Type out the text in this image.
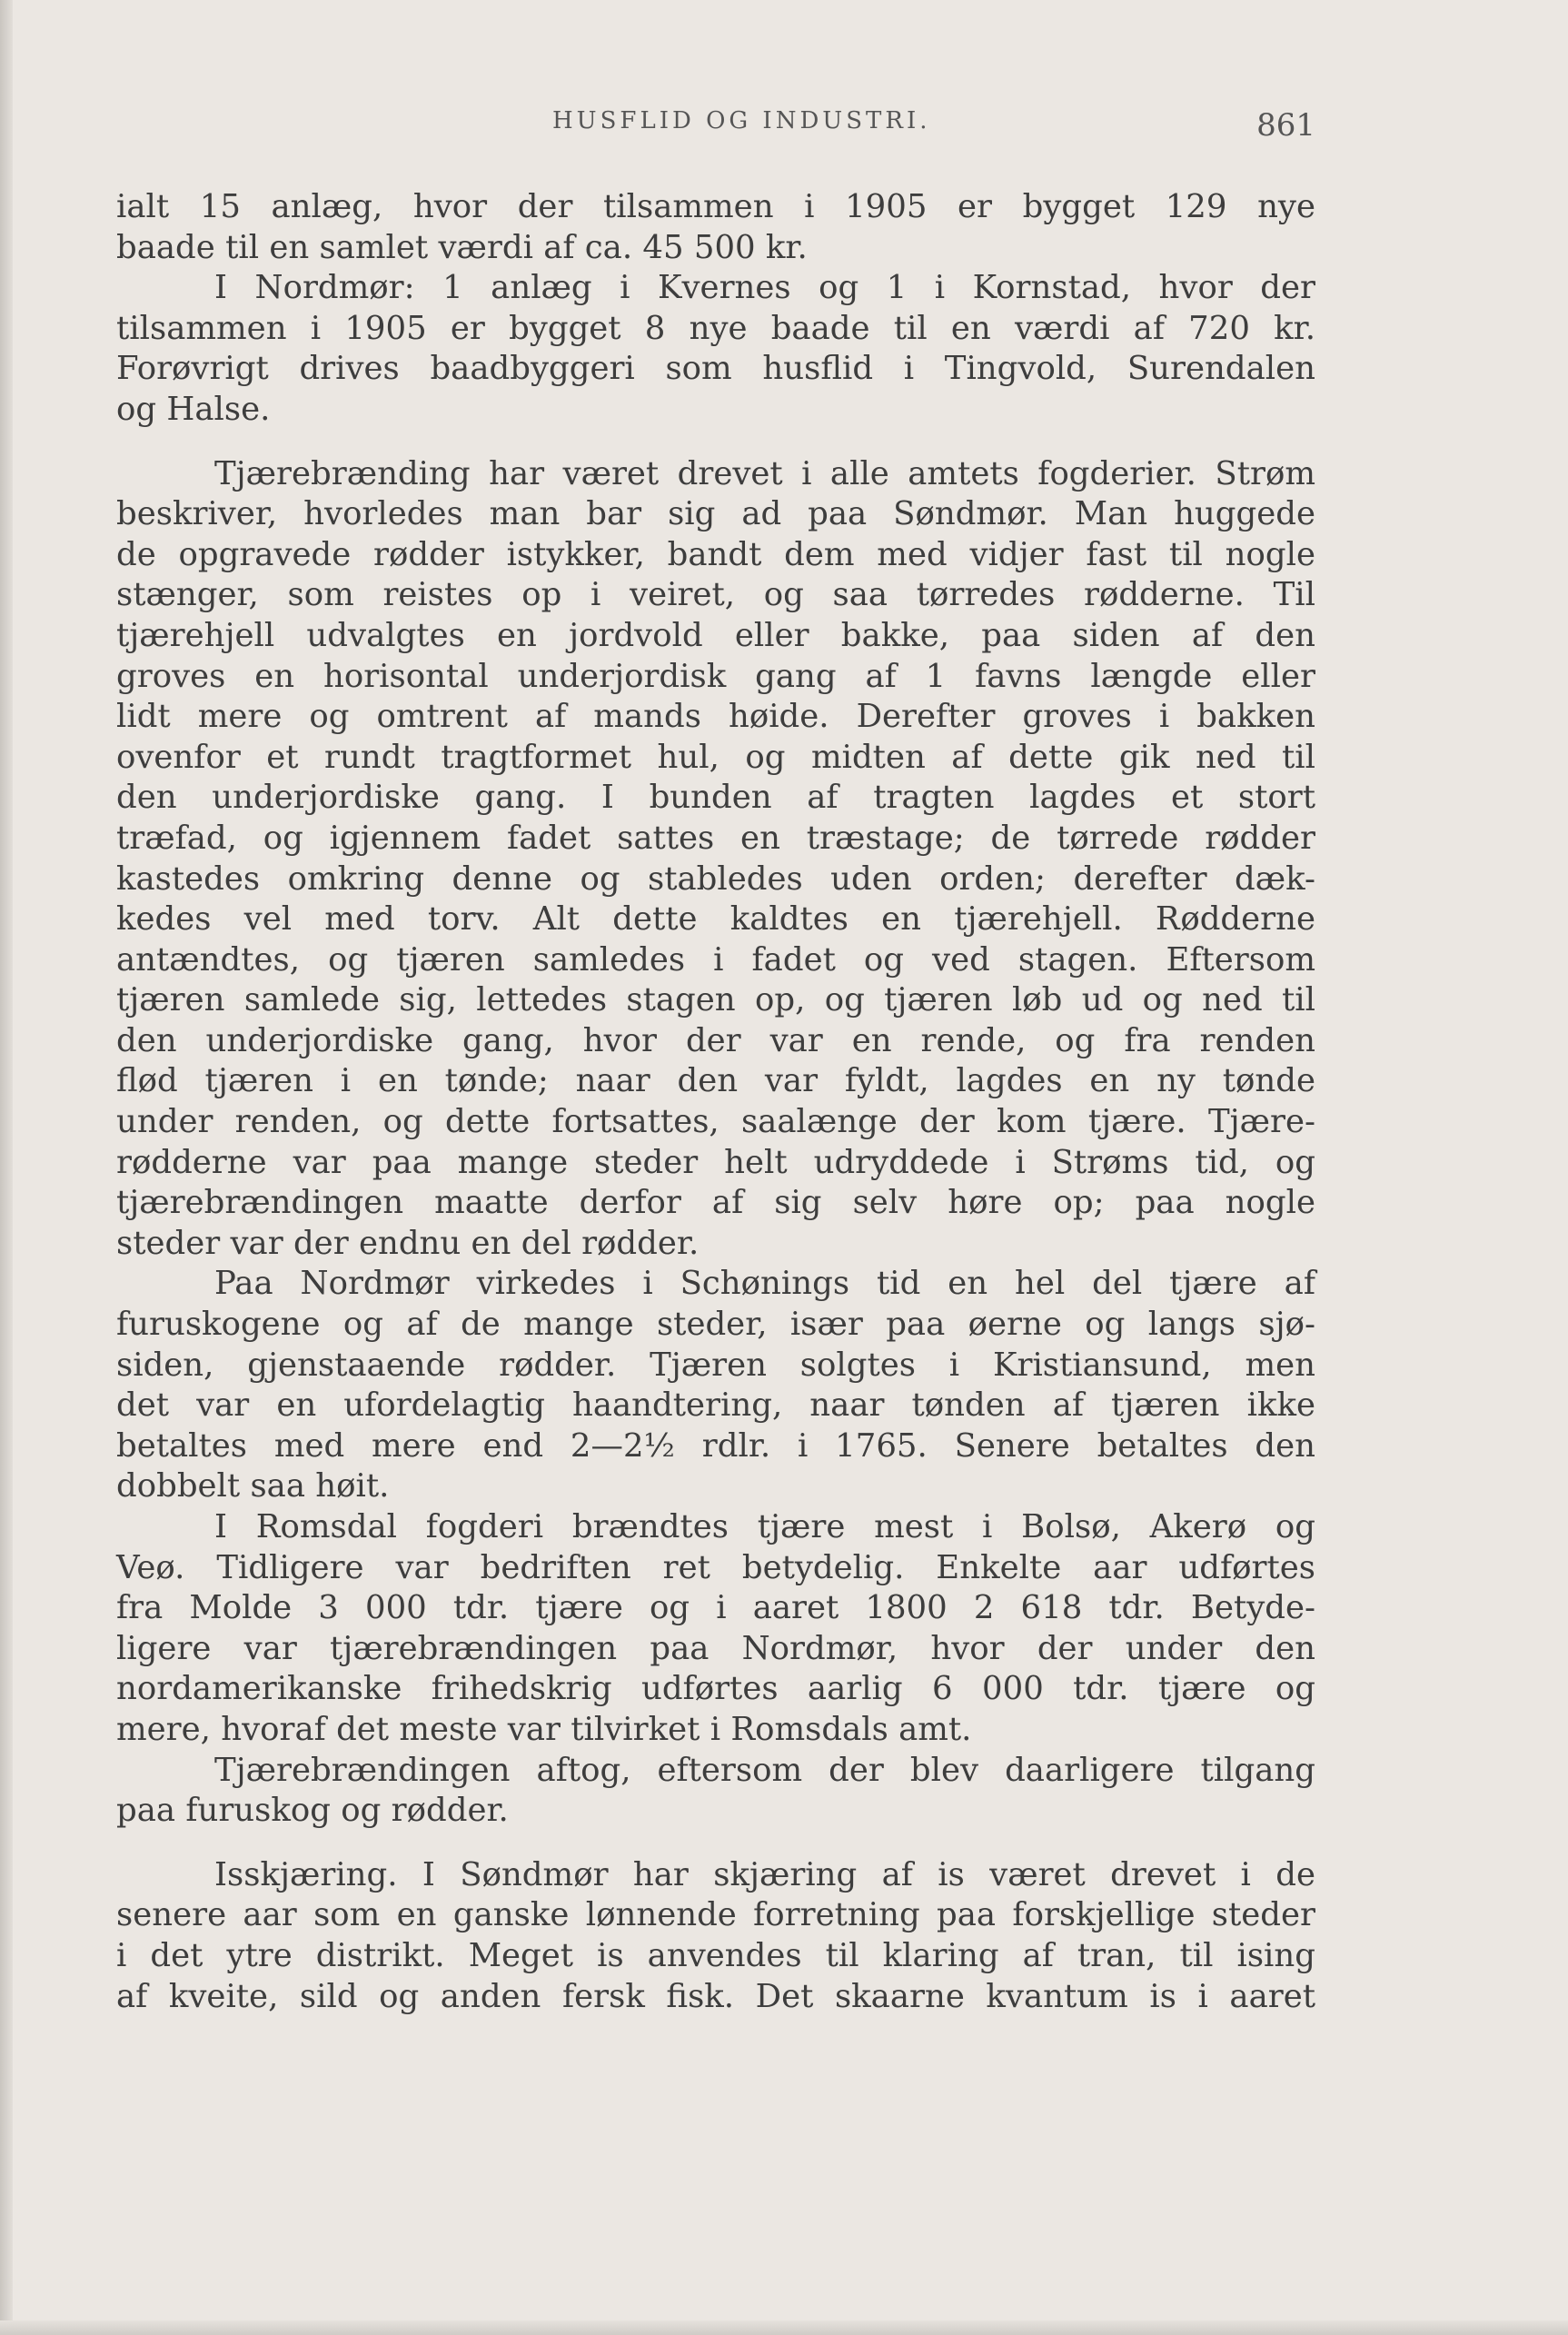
HUSFLID OG INDUSTRI.	861
ialt 15 anlæg, hvor der tilsammen i 1905 er bygget 129 nye
baade til en samlet værdi af ca. 45 500 kr.
I Nordmør: 1 anlæg i Kvernes og 1 i Kornstad, hvor der
tilsammen i 1905 er bygget 8 nye baade til en værdi af 720 kr.
Forøvrigt drives baadbyggeri som husflid i Tingvold, Surendalen
og Halse.
Tjærebrænding har været drevet i alle amtets fogderier. Strøm
beskriver, hvorledes man bar sig ad paa Søndmør. Man huggede
de opgravede rødder istykker, bandt dem med vidjer fast til nogle
stænger, som reistes op i veiret, og saa tørredes rødderne. Til
tjærehjell udvalgtes en jordvold eller bakke, paa siden af den
groves en horisontal underjordisk gang af 1 favns længde eller
lidt mere og omtrent af mands høide. Derefter groves i bakken
ovenfor et rundt tragtformet hul, og midten af dette gik ned til
den underjordiske gang. I bunden af tragten lagdes et stort
træfad, og igjennem fadet sattes en træstage; de tørrede rødder
kastedes omkring denne og stabledes uden orden; derefter dæk-
kedes vel med torv. Alt dette kaldtes en tjærehjell. Rødderne
antændtes, og tjæren samledes i fadet og ved stagen. Eftersom
tjæren samlede sig, lettedes stagen op, og tjæren løb ud og ned til
den underjordiske gang, hvor der var en rende, og fra renden
flød tjæren i en tønde; naar den var fyldt, lagdes en ny tønde
under renden, og dette fortsattes, saalænge der kom tjære. Tjære-
rødderne var paa mange steder helt udryddede i Strøms tid, og
tjærebrændingen maatte derfor af sig selv høre op; paa nogle
steder var der endnu en del rødder.
Paa Nordmør virkedes i Schønings tid en hel del tjære af
furuskogene og af de mange steder, især paa øerne og langs sjø-
siden, gjenstaaende rødder. Tjæren solgtes i Kristiansund, men
det var en ufordelagtig haandtering, naar tønden af tjæren ikke
betaltes med mere end 2—2½ rdlr. i 1765. Senere betaltes den
dobbelt saa høit.
I Romsdal fogderi brændtes tjære mest i Bolsø, Akerø og
Veø. Tidligere var bedriften ret betydelig. Enkelte aar udførtes
fra Molde 3 000 tdr. tjære og i aaret 1800 2 618 tdr. Betyde-
ligere var tjærebrændingen paa Nordmør, hvor der under den
nordamerikanske frihedskrig udførtes aarlig 6 000 tdr. tjære og
mere, hvoraf det meste var tilvirket i Romsdals amt.
Tjærebrændingen aftog, eftersom der blev daarligere tilgang
paa furuskog og rødder.
Isskjæring. I Søndmør har skjæring af is været drevet i de
senere aar som en ganske lønnende forretning paa forskjellige steder
i det ytre distrikt. Meget is anvendes til klaring af tran, til ising
af kveite, sild og anden fersk fisk. Det skaarne kvantum is i aaret
